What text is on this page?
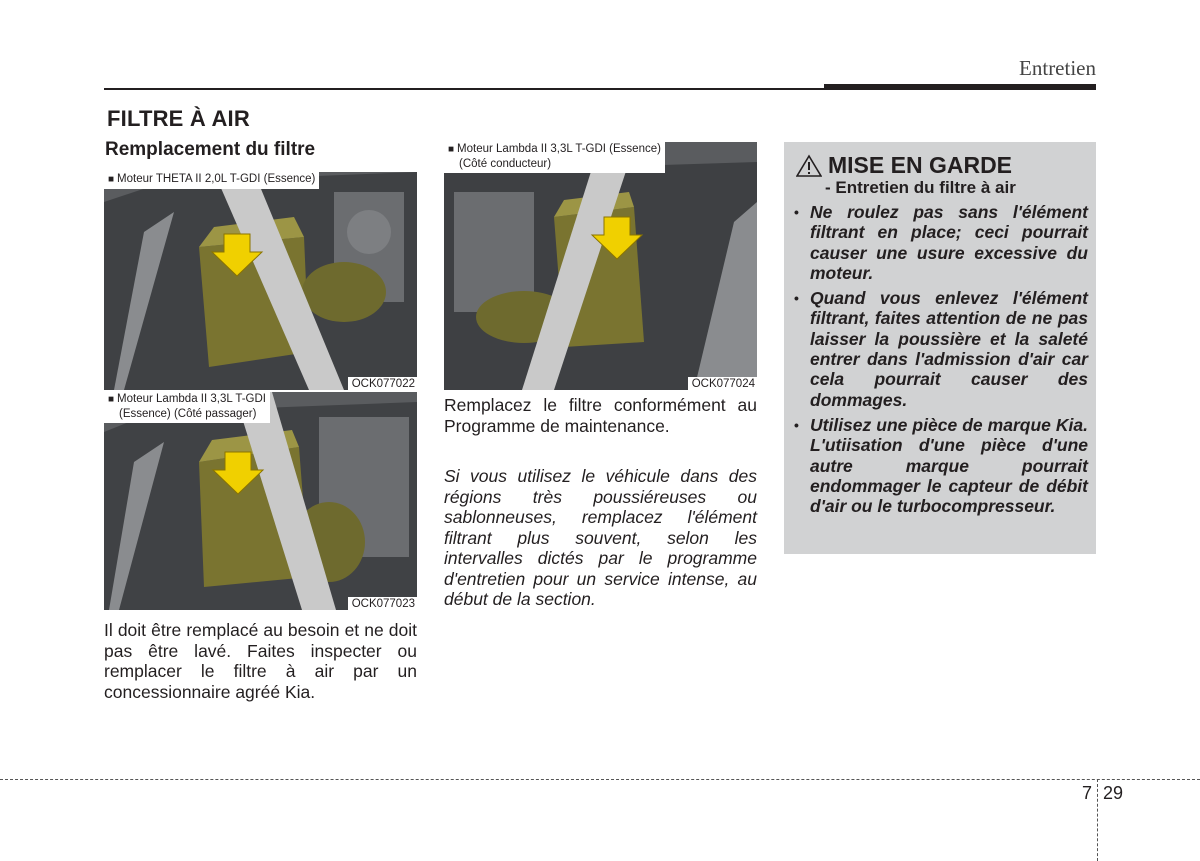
Entretien
FILTRE À AIR
Remplacement du filtre
■ Moteur THETA II 2,0L T-GDI (Essence)
OCK077022
■ Moteur Lambda II 3,3L T-GDI
(Essence) (Côté passager)
OCK077023
■ Moteur Lambda II 3,3L T-GDI (Essence)
(Côté conducteur)
OCK077024

Il doit être remplacé au besoin et ne doit pas être lavé. Faites inspecter ou remplacer le filtre à air par un concessionnaire agréé Kia.

Remplacez le filtre conformément au Programme de maintenance.

Si vous utilisez le véhicule dans des régions très poussiéreuses ou sablonneuses, remplacez l'élément filtrant plus souvent, selon les intervalles dictés par le programme d'entretien pour un service intense, au début de la section.

MISE EN GARDE
- Entretien du filtre à air
• Ne roulez pas sans l'élément filtrant en place; ceci pourrait causer une usure excessive du moteur.
• Quand vous enlevez l'élément filtrant, faites attention de ne pas laisser la poussière et la saleté entrer dans l'admission d'air car cela pourrait causer des dommages.
• Utilisez une pièce de marque Kia. L'utiisation d'une pièce d'une autre marque pourrait endommager le capteur de débit d'air ou le turbocompresseur.
7 29
